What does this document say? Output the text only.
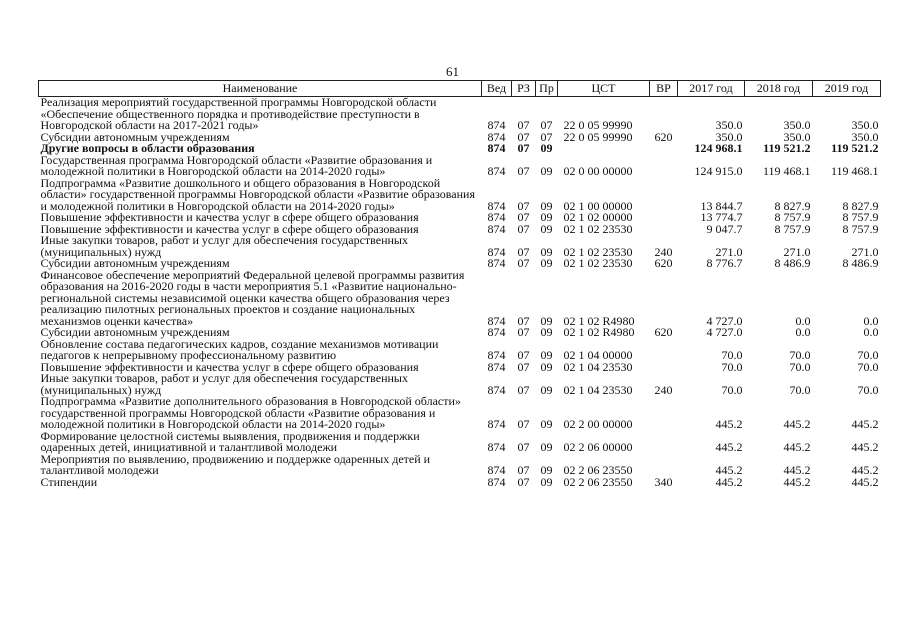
61
Наименование	Вед	РЗ	Пр	ЦСТ	ВР	2017 год	2018 год	2019 год
Реализация мероприятий государственной программы Новгородской области «Обеспечение общественного порядка и противодействие преступности в Новгородской области на 2017-2021 годы»	874	07	07	22 0 05 99990		350.0	350.0	350.0
Субсидии автономным учреждениям	874	07	07	22 0 05 99990	620	350.0	350.0	350.0
Другие вопросы в области образования	874	07	09			124 968.1	119 521.2	119 521.2
Государственная программа Новгородской области «Развитие образования и молодежной политики в Новгородской области на 2014-2020 годы»	874	07	09	02 0 00 00000		124 915.0	119 468.1	119 468.1
Подпрограмма «Развитие дошкольного и общего образования в Новгородской области» государственной программы Новгородской области «Развитие образования и молодежной политики в Новгородской области на 2014-2020 годы»	874	07	09	02 1 00 00000		13 844.7	8 827.9	8 827.9
Повышение эффективности и качества услуг в сфере общего образования	874	07	09	02 1 02 00000		13 774.7	8 757.9	8 757.9
Повышение эффективности и качества услуг в сфере общего образования	874	07	09	02 1 02 23530		9 047.7	8 757.9	8 757.9
Иные закупки товаров, работ и услуг для обеспечения государственных (муниципальных) нужд	874	07	09	02 1 02 23530	240	271.0	271.0	271.0
Субсидии автономным учреждениям	874	07	09	02 1 02 23530	620	8 776.7	8 486.9	8 486.9
Финансовое обеспечение мероприятий Федеральной целевой программы развития образования на 2016-2020 годы в части мероприятия 5.1 «Развитие национально-региональной системы независимой оценки качества общего образования через реализацию пилотных региональных проектов и создание национальных механизмов оценки качества»	874	07	09	02 1 02 R4980		4 727.0	0.0	0.0
Субсидии автономным учреждениям	874	07	09	02 1 02 R4980	620	4 727.0	0.0	0.0
Обновление состава педагогических кадров, создание механизмов мотивации педагогов к непрерывному профессиональному развитию	874	07	09	02 1 04 00000		70.0	70.0	70.0
Повышение эффективности и качества услуг в сфере общего образования	874	07	09	02 1 04 23530		70.0	70.0	70.0
Иные закупки товаров, работ и услуг для обеспечения государственных (муниципальных) нужд	874	07	09	02 1 04 23530	240	70.0	70.0	70.0
Подпрограмма «Развитие дополнительного образования в Новгородской области» государственной программы Новгородской области «Развитие образования и молодежной политики в Новгородской области на 2014-2020 годы»	874	07	09	02 2 00 00000		445.2	445.2	445.2
Формирование целостной системы выявления, продвижения и поддержки одаренных детей, инициативной и талантливой молодежи	874	07	09	02 2 06 00000		445.2	445.2	445.2
Мероприятия по выявлению, продвижению и поддержке одаренных детей и талантливой молодежи	874	07	09	02 2 06 23550		445.2	445.2	445.2
Стипендии	874	07	09	02 2 06 23550	340	445.2	445.2	445.2
